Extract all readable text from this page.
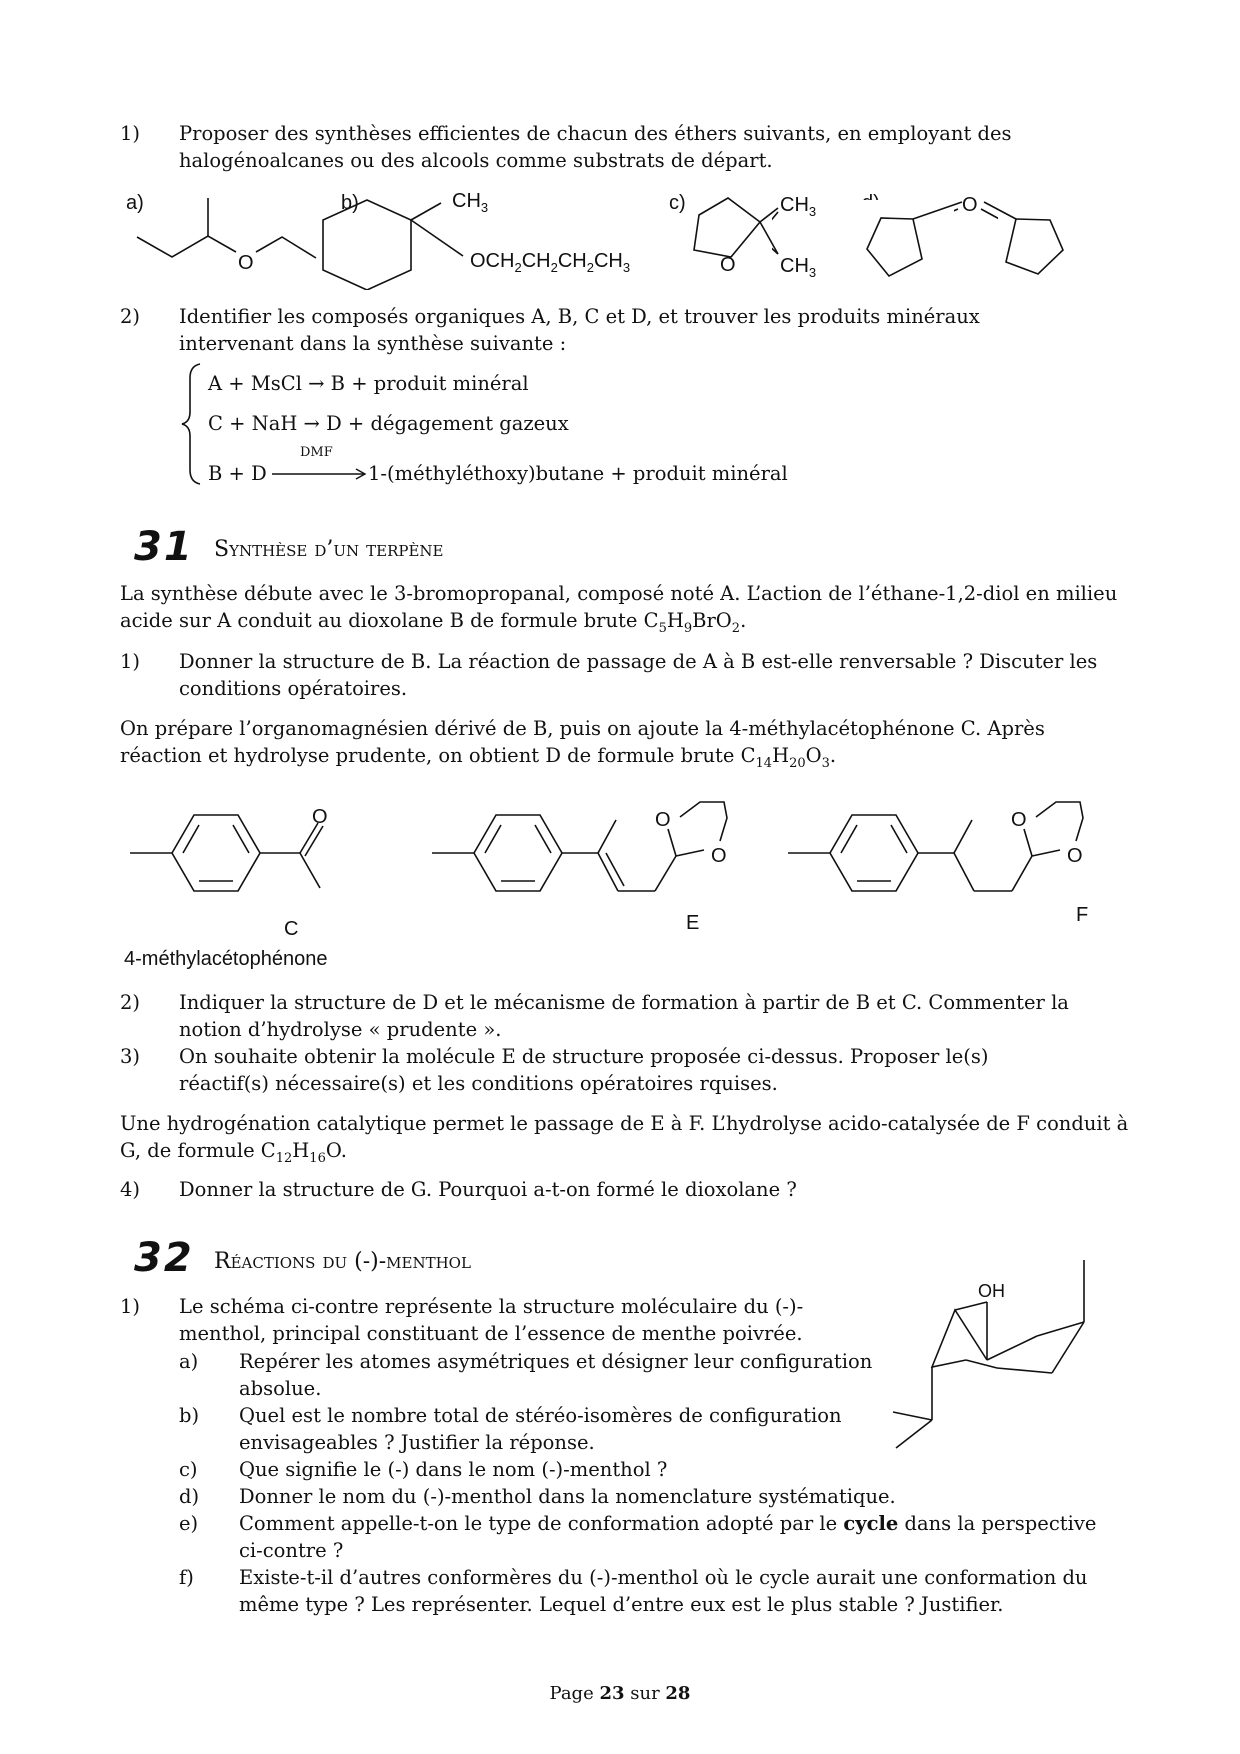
1) Proposer des synthèses efficientes de chacun des éthers suivants, en employant des halogénoalcanes ou des alcools comme substrats de départ.
a)	b)	c)
O
$CH_3$
$OCH_2CH_2CH_2CH_3$	O
$CH_3$
$CH_3$
O
2) Identifier les composés organiques A, B, C et D, et trouver les produits minéraux intervenant dans la synthèse suivante :
A + MsCl → B + produit minéral
C + NaH → D + dégagement gazeux
B + D
DMF
1-(méthyléthoxy)butane + produit minéral
31 Synthèse d’un terpène
La synthèse débute avec le 3-bromopropanal, composé noté A. L’action de l’éthane-1,2-diol en milieu acide sur A conduit au dioxolane B de formule brute $C_5H_9BrO_2$.
1) Donner la structure de B. La réaction de passage de A à B est-elle renversable ? Discuter les conditions opératoires.
On prépare l’organomagnésien dérivé de B, puis on ajoute la 4-méthylacétophénone C. Après réaction et hydrolyse prudente, on obtient D de formule brute $C_{14}H_{20}O_3$.
O	O
O
O
O
C
4-méthylacétophénone
E	F
2) Indiquer la structure de D et le mécanisme de formation à partir de B et C. Commenter la notion d’hydrolyse « prudente ».
3) On souhaite obtenir la molécule E de structure proposée ci-dessus. Proposer le(s) réactif(s) nécessaire(s) et les conditions opératoires rquises.
Une hydrogénation catalytique permet le passage de E à F. L’hydrolyse acido-catalysée de F conduit à G, de formule $C_{12}H_{16}O$.
4) Donner la structure de G. Pourquoi a-t-on formé le dioxolane ?
32 Réactions du (-)-menthol
1) Le schéma ci-contre représente la structure moléculaire du (-)-menthol, principal constituant de l’essence de menthe poivrée.
OH
a) Repérer les atomes asymétriques et désigner leur configuration absolue.
b) Quel est le nombre total de stéréo-isomères de configuration envisageables ? Justifier la réponse.
c) Que signifie le (-) dans le nom (-)-menthol ?
d) Donner le nom du (-)-menthol dans la nomenclature systématique.
e) Comment appelle-t-on le type de conformation adopté par le cycle dans la perspective ci-contre ?
f) Existe-t-il d’autres conformères du (-)-menthol où le cycle aurait une conformation du même type ? Les représenter. Lequel d’entre eux est le plus stable ? Justifier.
Page 23 sur 28
